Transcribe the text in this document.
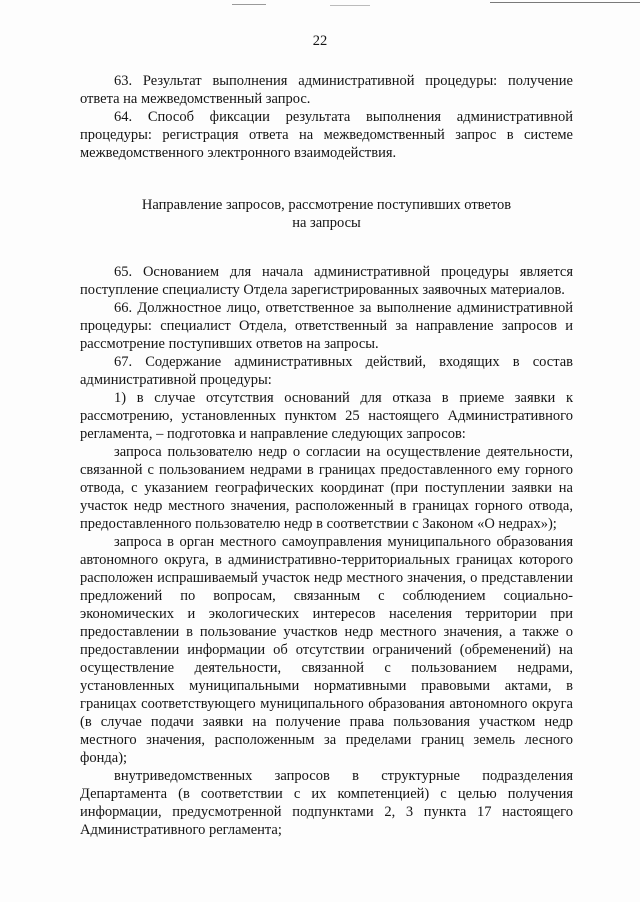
22

63. Результат выполнения административной процедуры: получение ответа на межведомственный запрос.

64. Способ фиксации результата выполнения административной процедуры: регистрация ответа на межведомственный запрос в системе межведомственного электронного взаимодействия.

Направление запросов, рассмотрение поступивших ответов
на запросы

65. Основанием для начала административной процедуры является поступление специалисту Отдела зарегистрированных заявочных материалов.

66. Должностное лицо, ответственное за выполнение административной процедуры: специалист Отдела, ответственный за направление запросов и рассмотрение поступивших ответов на запросы.

67. Содержание административных действий, входящих в состав административной процедуры:

1) в случае отсутствия оснований для отказа в приеме заявки к рассмотрению, установленных пунктом 25 настоящего Административного регламента, – подготовка и направление следующих запросов:

запроса пользователю недр о согласии на осуществление деятельности, связанной с пользованием недрами в границах предоставленного ему горного отвода, с указанием географических координат (при поступлении заявки на участок недр местного значения, расположенный в границах горного отвода, предоставленного пользователю недр в соответствии с Законом «О недрах»);

запроса в орган местного самоуправления муниципального образования автономного округа, в административно-территориальных границах которого расположен испрашиваемый участок недр местного значения, о представлении предложений по вопросам, связанным с соблюдением социально-экономических и экологических интересов населения территории при предоставлении в пользование участков недр местного значения, а также о предоставлении информации об отсутствии ограничений (обременений) на осуществление деятельности, связанной с пользованием недрами, установленных муниципальными нормативными правовыми актами, в границах соответствующего муниципального образования автономного округа (в случае подачи заявки на получение права пользования участком недр местного значения, расположенным за пределами границ земель лесного фонда);

внутриведомственных запросов в структурные подразделения Департамента (в соответствии с их компетенцией) с целью получения информации, предусмотренной подпунктами 2, 3 пункта 17 настоящего Административного регламента;
